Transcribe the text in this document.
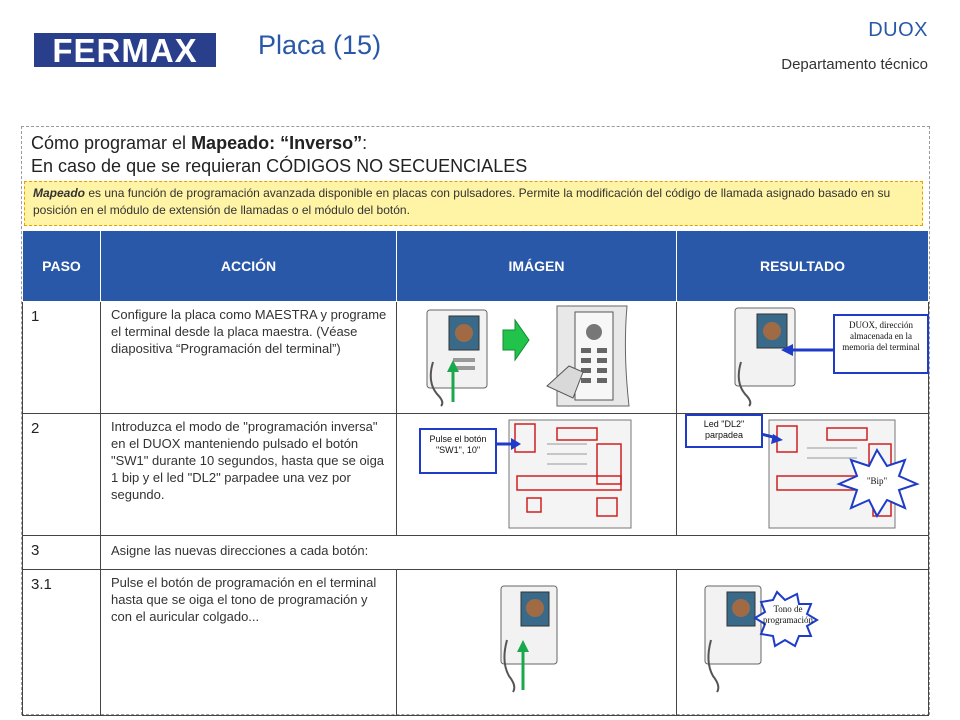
FERMAX Placa (15)	DUOX
Departamento técnico
Cómo programar el Mapeado: “Inverso”:
En caso de que se requieran CÓDIGOS NO SECUENCIALES
Mapeado es una función de programación avanzada disponible en placas con pulsadores. Permite la modificación del código de llamada asignado basado en su posición en el módulo de extensión de llamadas o el módulo del botón.
PASO	ACCIÓN	IMÁGEN	RESULTADO
1	Configure la placa como MAESTRA y programe el terminal desde la placa maestra. (Véase diapositiva “Programación del terminal”)		DUOX, dirección almacenada en la memoria del terminal

2	Introduzca el modo de "programación inversa" en el DUOX manteniendo pulsado el botón "SW1" durante 10 segundos, hasta que se oiga 1 bip y el led "DL2" parpadee una vez por segundo.	Pulse el botón "SW1", 10"	Led "DL2" parpadea
"Bip"

3	Asigne las nuevas direcciones a cada botón:		
3.1	Pulse el botón de programación en el terminal hasta que se oiga el tono de programación y con el auricular colgado...		Tono de programación
